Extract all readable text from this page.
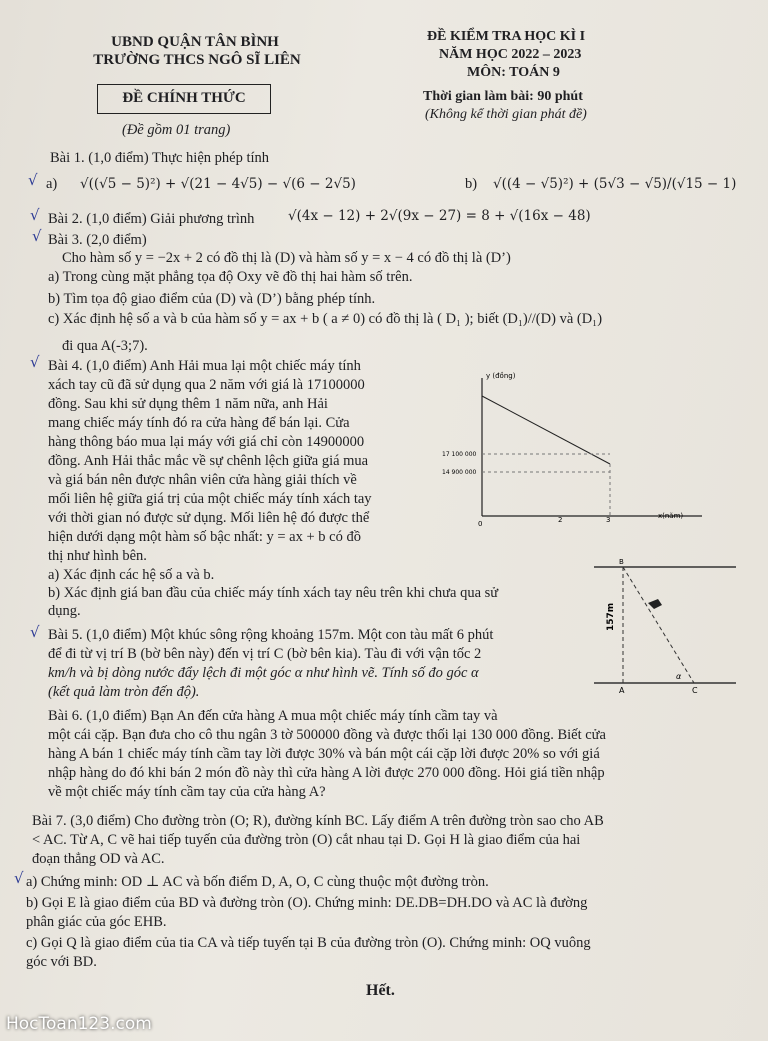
UBND QUẬN TÂN BÌNH
TRƯỜNG THCS NGÔ SĨ LIÊN
ĐỀ CHÍNH THỨC
(Đề gồm 01 trang)
ĐỀ KIỂM TRA HỌC KÌ I
NĂM HỌC 2022 – 2023
MÔN: TOÁN 9
Thời gian làm bài: 90 phút
(Không kể thời gian phát đề)
Bài 1. (1,0 điểm) Thực hiện phép tính
√ a) √((√5 − 5)²) + √(21 − 4√5) − √(6 − 2√5)	b) √((4 − √5)²) + (5√3 − √5)/(√15 − 1)
√ Bài 2. (1,0 điểm) Giải phương trình √(4x − 12) + 2√(9x − 27) = 8 + √(16x − 48)
√ Bài 3. (2,0 điểm)
Cho hàm số y = −2x + 2 có đồ thị là (D) và hàm số y = x − 4 có đồ thị là (D’)
a) Trong cùng mặt phẳng tọa độ Oxy vẽ đồ thị hai hàm số trên.
b) Tìm tọa độ giao điểm của (D) và (D’) bằng phép tính.
c) Xác định hệ số a và b của hàm số y = ax + b ( a ≠ 0) có đồ thị là ( D₁ ); biết (D₁)//(D) và (D₁)
đi qua A(-3;7).
√ Bài 4. (1,0 điểm) Anh Hải mua lại một chiếc máy tính
xách tay cũ đã sử dụng qua 2 năm với giá là 17100000
đồng. Sau khi sử dụng thêm 1 năm nữa, anh Hải
mang chiếc máy tính đó ra cửa hàng để bán lại. Cửa
hàng thông báo mua lại máy với giá chỉ còn 14900000
đồng. Anh Hải thắc mắc về sự chênh lệch giữa giá mua
và giá bán nên được nhân viên cửa hàng giải thích về
mối liên hệ giữa giá trị của một chiếc máy tính xách tay
với thời gian nó được sử dụng. Mối liên hệ đó được thể
hiện dưới dạng một hàm số bậc nhất: y = ax + b có đồ
thị như hình bên.
a) Xác định các hệ số a và b.
b) Xác định giá ban đầu của chiếc máy tính xách tay nêu trên khi chưa qua sử
dụng.
y (đồng)
x(năm)
17 100 000
14 900 000
0	2	3
√ Bài 5. (1,0 điểm) Một khúc sông rộng khoảng 157m. Một con tàu mất 6 phút
để đi từ vị trí B (bờ bên này) đến vị trí C (bờ bên kia). Tàu đi với vận tốc 2
km/h và bị dòng nước đẩy lệch đi một góc α như hình vẽ. Tính số đo góc α
(kết quả làm tròn đến độ).
B
A	C
α
157m
Bài 6. (1,0 điểm) Bạn An đến cửa hàng A mua một chiếc máy tính cầm tay và
một cái cặp. Bạn đưa cho cô thu ngân 3 tờ 500000 đồng và được thối lại 130 000 đồng. Biết cửa
hàng A bán 1 chiếc máy tính cầm tay lời được 30% và bán một cái cặp lời được 20% so với giá
nhập hàng do đó khi bán 2 món đồ này thì cửa hàng A lời được 270 000 đồng. Hỏi giá tiền nhập
về một chiếc máy tính cầm tay của cửa hàng A?
Bài 7. (3,0 điểm) Cho đường tròn (O; R), đường kính BC. Lấy điểm A trên đường tròn sao cho AB
< AC. Từ A, C vẽ hai tiếp tuyến của đường tròn (O) cắt nhau tại D. Gọi H là giao điểm của hai
đoạn thẳng OD và AC.
√ a) Chứng minh: OD ⊥ AC và bốn điểm D, A, O, C cùng thuộc một đường tròn.
b) Gọi E là giao điểm của BD và đường tròn (O). Chứng minh: DE.DB=DH.DO và AC là đường
phân giác của góc EHB.
c) Gọi Q là giao điểm của tia CA và tiếp tuyến tại B của đường tròn (O). Chứng minh: OQ vuông
góc với BD.
Hết.
HocToan123.com
